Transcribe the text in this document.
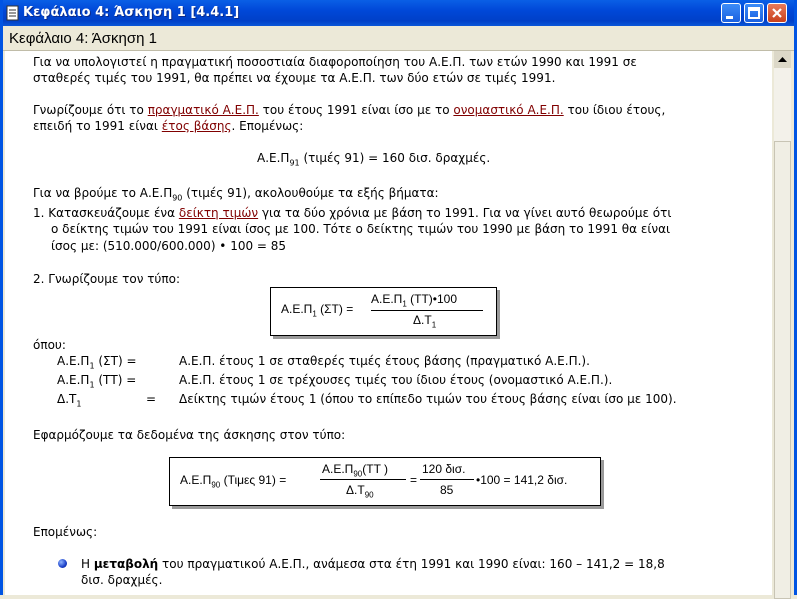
Κεφάλαιο 4: Άσκηση 1 [4.4.1]
Κεφάλαιο 4: Άσκηση 1
Για να υπολογιστεί η πραγματική ποσοστιαία διαφοροποίηση του Α.Ε.Π. των ετών 1990 και 1991 σε
σταθερές τιμές του 1991, θα πρέπει να έχουμε τα Α.Ε.Π. των δύο ετών σε τιμές 1991.
Γνωρίζουμε ότι το πραγματικό Α.Ε.Π. του έτους 1991 είναι ίσο με το ονομαστικό Α.Ε.Π. του ίδιου έτους,
επειδή το 1991 είναι έτος βάσης. Επομένως:
$A.E.\Pi_{91}$ (τιμές 91) = 160 δισ. δραχμές.
Για να βρούμε το $A.E.\Pi_{90}$ (τιμές 91), ακολουθούμε τα εξής βήματα:
1. Κατασκευάζουμε ένα δείκτη τιμών για τα δύο χρόνια με βάση το 1991. Για να γίνει αυτό θεωρούμε ότι
ο δείκτης τιμών του 1991 είναι ίσος με 100. Τότε ο δείκτης τιμών του 1990 με βάση το 1991 θα είναι
ίσος με: (510.000/600.000) • 100 = 85
2. Γνωρίζουμε τον τύπο:
$A.E.\Pi_1$ (ΣΤ) =
$A.E.\Pi_1$ (ΤΤ)•100
$\Delta.T_1$
όπου:
$A.E.\Pi_1$ (ΣΤ) =	Α.Ε.Π. έτους 1 σε σταθερές τιμές έτους βάσης (πραγματικό Α.Ε.Π.).
$A.E.\Pi_1$ (ΤΤ) =	Α.Ε.Π. έτους 1 σε τρέχουσες τιμές του ίδιου έτους (ονομαστικό Α.Ε.Π.).
$\Delta.T_1$	= Δείκτης τιμών έτους 1 (όπου το επίπεδο τιμών του έτους βάσης είναι ίσο με 100).
Εφαρμόζουμε τα δεδομένα της άσκησης στον τύπο:
$A.E.\Pi_{90}$ (Τιμες 91) =
$A.E.\Pi_{90}(TT$ )
$\Delta.T_{90}$
=
120 δισ.
85
•100 = 141,2 δισ.
Επομένως:
Η μεταβολή του πραγματικού Α.Ε.Π., ανάμεσα στα έτη 1991 και 1990 είναι: 160 – 141,2 = 18,8
δισ. δραχμές.
